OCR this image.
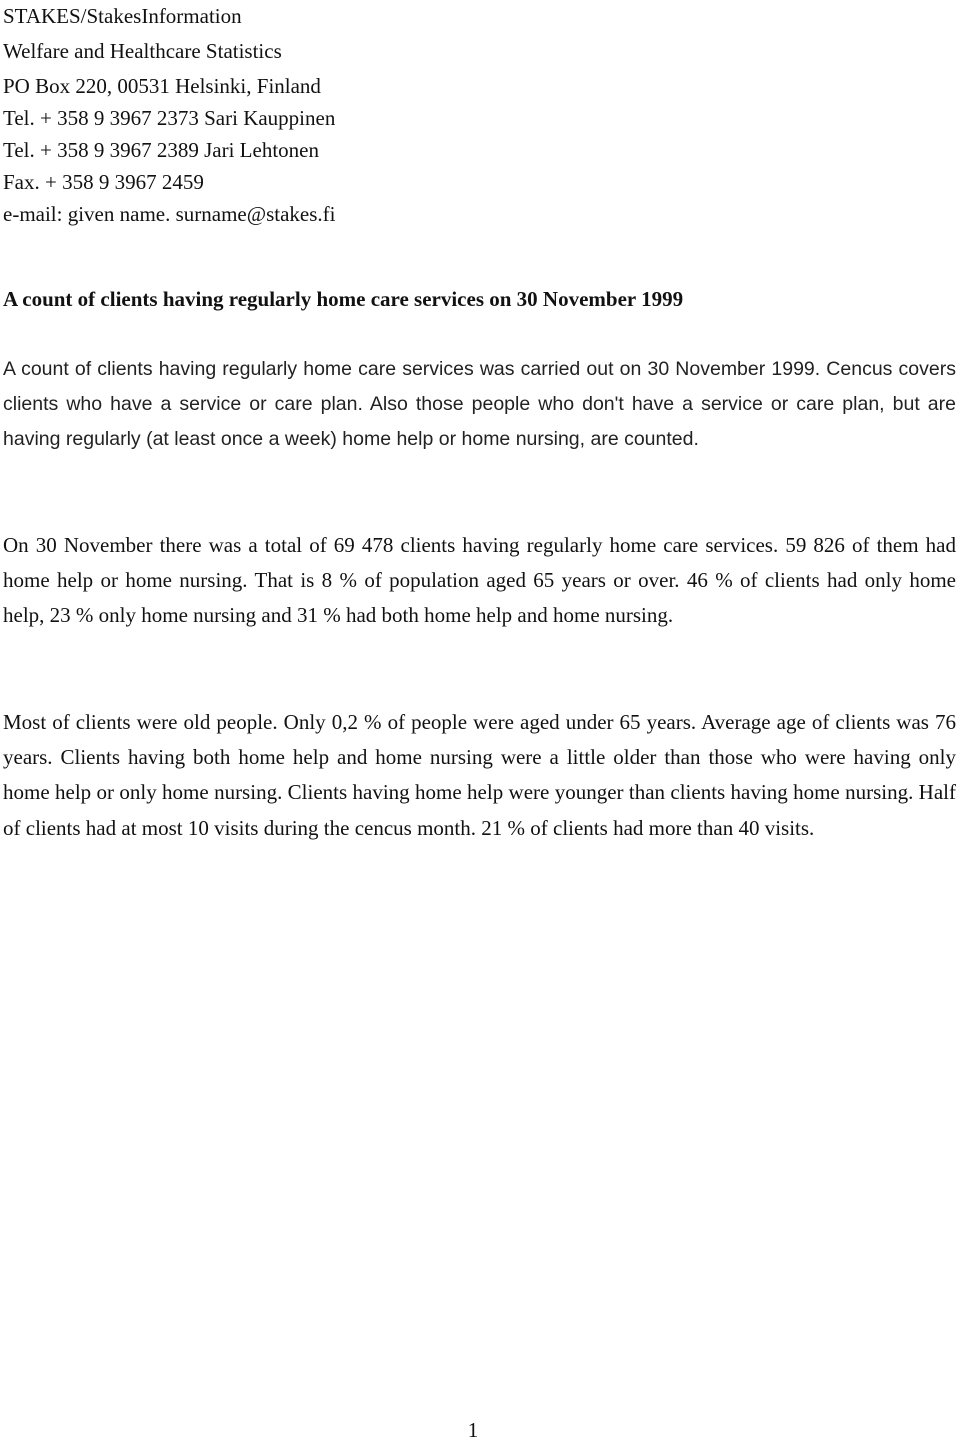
STAKES/StakesInformation
Welfare and Healthcare Statistics
PO Box 220, 00531 Helsinki, Finland
Tel. + 358 9 3967 2373 Sari Kauppinen
Tel. + 358 9 3967 2389 Jari Lehtonen
Fax. + 358 9 3967 2459
e-mail: given name. surname@stakes.fi
A count of clients having regularly home care services on 30 November 1999

A count of clients having regularly home care services was carried out on 30 November 1999. Cencus covers clients who have a service or care plan. Also those people who don't have a service or care plan, but are having regularly (at least once a week) home help or home nursing, are counted.

On 30 November there was a total of 69 478 clients having regularly home care services. 59 826 of them had home help or home nursing. That is 8 % of population aged 65 years or over. 46 % of clients had only home help, 23 % only home nursing and 31 % had both home help and home nursing.

Most of clients were old people. Only 0,2 % of people were aged under 65 years. Average age of clients was 76 years. Clients having both home help and home nursing were a little older than those who were having only home help or only home nursing. Clients having home help were younger than clients having home nursing. Half of clients had at most 10 visits during the cencus month. 21 % of clients had more than 40 visits.

1
